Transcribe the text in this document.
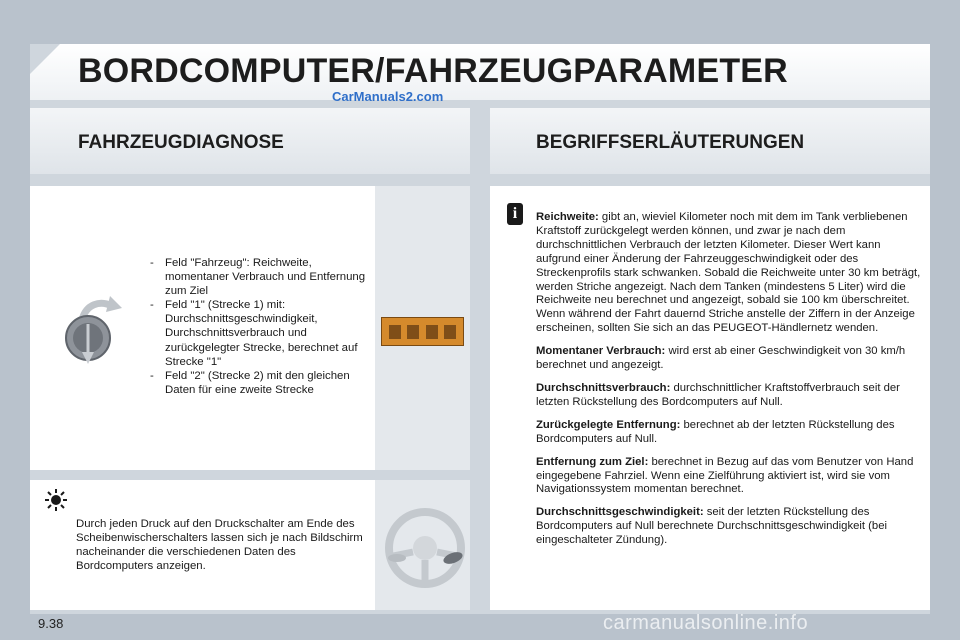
BORDCOMPUTER/FAHRZEUGPARAMETER
CarManuals2.com
FAHRZEUGDIAGNOSE	BEGRIFFSERLÄUTERUNGEN
- Feld "Fahrzeug": Reichweite, momentaner Verbrauch und Entfernung zum Ziel
- Feld "1" (Strecke 1) mit: Durchschnittsgeschwindigkeit, Durchschnittsverbrauch und zurückgelegter Strecke, berechnet auf Strecke "1"
- Feld "2" (Strecke 2) mit den gleichen Daten für eine zweite Strecke
Durch jeden Druck auf den Druckschalter am Ende des Scheibenwischerschalters lassen sich je nach Bildschirm nacheinander die verschiedenen Daten des Bordcomputers anzeigen.
i	Reichweite: gibt an, wieviel Kilometer noch mit dem im Tank verbliebenen Kraftstoff zurückgelegt werden können, und zwar je nach dem durchschnittlichen Verbrauch der letzten Kilometer. Dieser Wert kann aufgrund einer Änderung der Fahrzeuggeschwindigkeit oder des Streckenprofils stark schwanken. Sobald die Reichweite unter 30 km beträgt, werden Striche angezeigt. Nach dem Tanken (mindestens 5 Liter) wird die Reichweite neu berechnet und angezeigt, sobald sie 100 km überschreitet. Wenn während der Fahrt dauernd Striche anstelle der Ziffern in der Anzeige erscheinen, sollten Sie sich an das PEUGEOT-Händlernetz wenden.

Momentaner Verbrauch: wird erst ab einer Geschwindigkeit von 30 km/h berechnet und angezeigt.

Durchschnittsverbrauch: durchschnittlicher Kraftstoffverbrauch seit der letzten Rückstellung des Bordcomputers auf Null.

Zurückgelegte Entfernung: berechnet ab der letzten Rückstellung des Bordcomputers auf Null.

Entfernung zum Ziel: berechnet in Bezug auf das vom Benutzer von Hand eingegebene Fahrziel. Wenn eine Zielführung aktiviert ist, wird sie vom Navigationssystem momentan berechnet.

Durchschnittsgeschwindigkeit: seit der letzten Rückstellung des Bordcomputers auf Null berechnete Durchschnittsgeschwindigkeit (bei eingeschalteter Zündung).

9.38	carmanualsonline.info
